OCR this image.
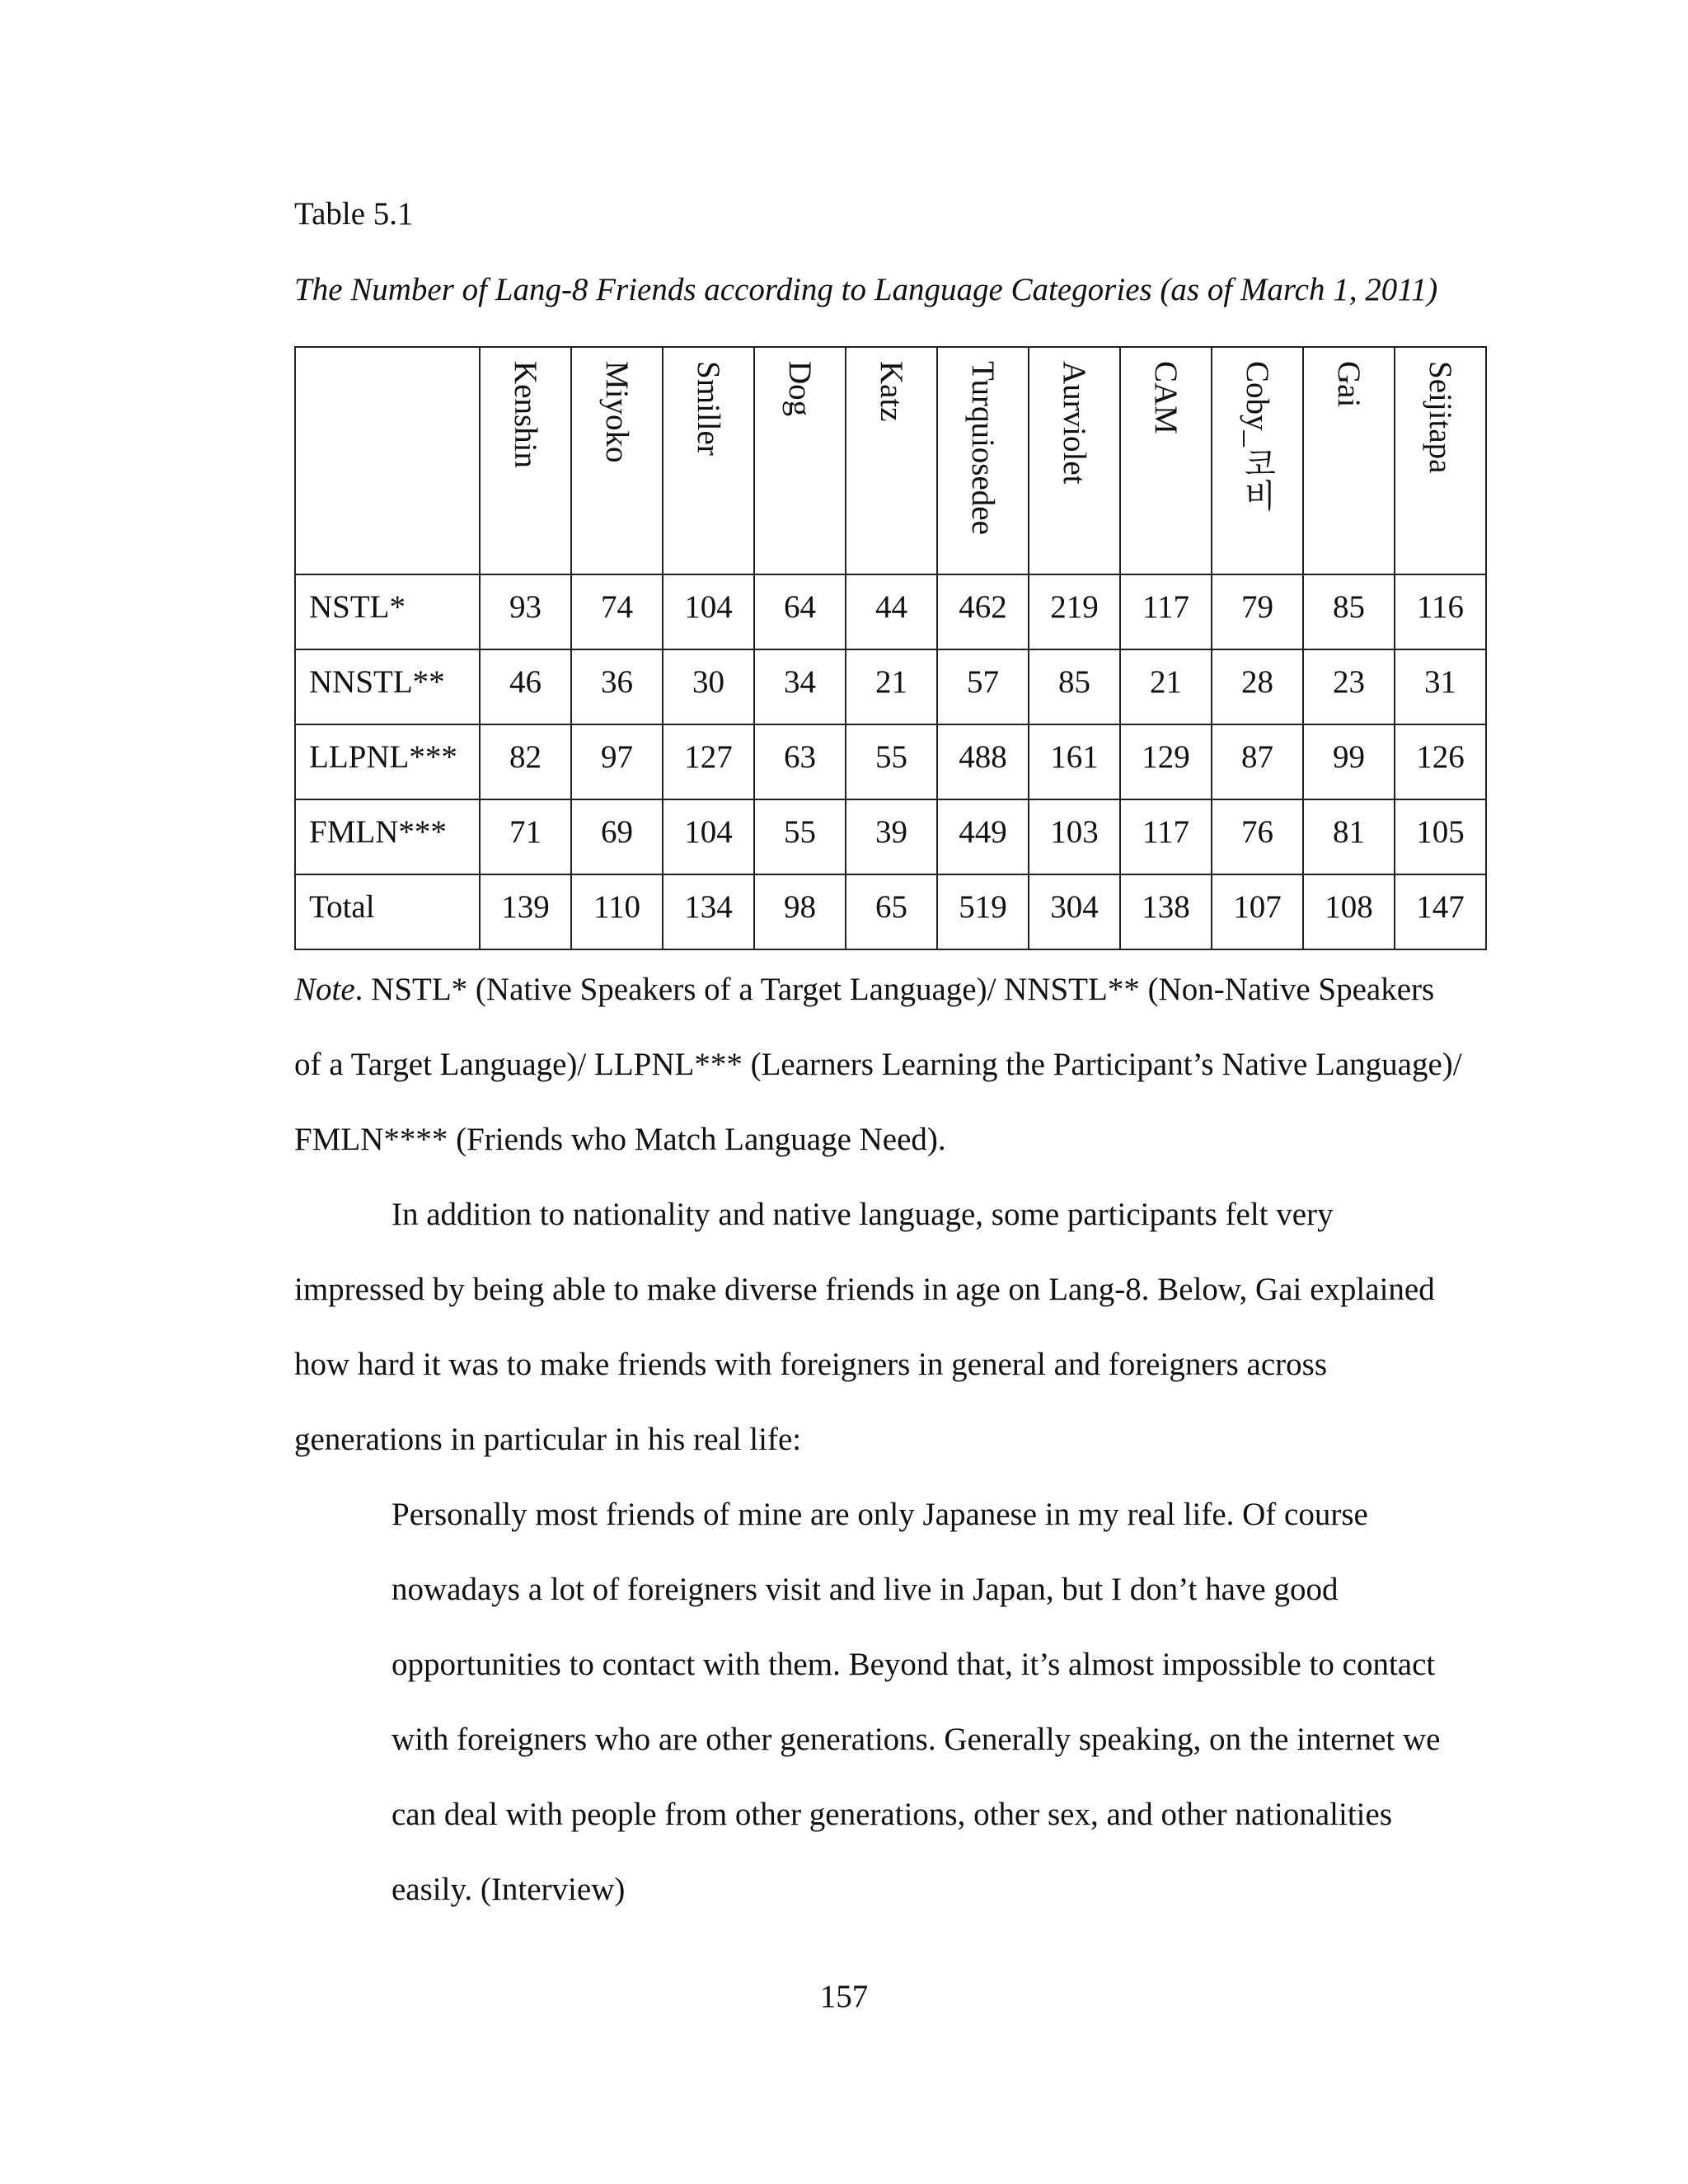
Table 5.1
The Number of Lang-8 Friends according to Language Categories (as of March 1, 2011)

	Kenshin	Miyoko	Smiller	Dog	Katz	Turquiosedee	Aurviolet	CAM	Coby_코비	Gai	Seijitapa

NSTL*	93	74	104	64	44	462	219	117	79	85	116
NNSTL**	46	36	30	34	21	57	85	21	28	23	31
LLPNL***	82	97	127	63	55	488	161	129	87	99	126
FMLN***	71	69	104	55	39	449	103	117	76	81	105
Total	139	110	134	98	65	519	304	138	107	108	147
Note. NSTL* (Native Speakers of a Target Language)/ NNSTL** (Non-Native Speakers of a Target Language)/ LLPNL*** (Learners Learning the Participant’s Native Language)/ FMLN**** (Friends who Match Language Need).
In addition to nationality and native language, some participants felt very impressed by being able to make diverse friends in age on Lang-8. Below, Gai explained how hard it was to make friends with foreigners in general and foreigners across generations in particular in his real life:
Personally most friends of mine are only Japanese in my real life. Of course nowadays a lot of foreigners visit and live in Japan, but I don’t have good opportunities to contact with them. Beyond that, it’s almost impossible to contact with foreigners who are other generations. Generally speaking, on the internet we can deal with people from other generations, other sex, and other nationalities easily. (Interview)
157
